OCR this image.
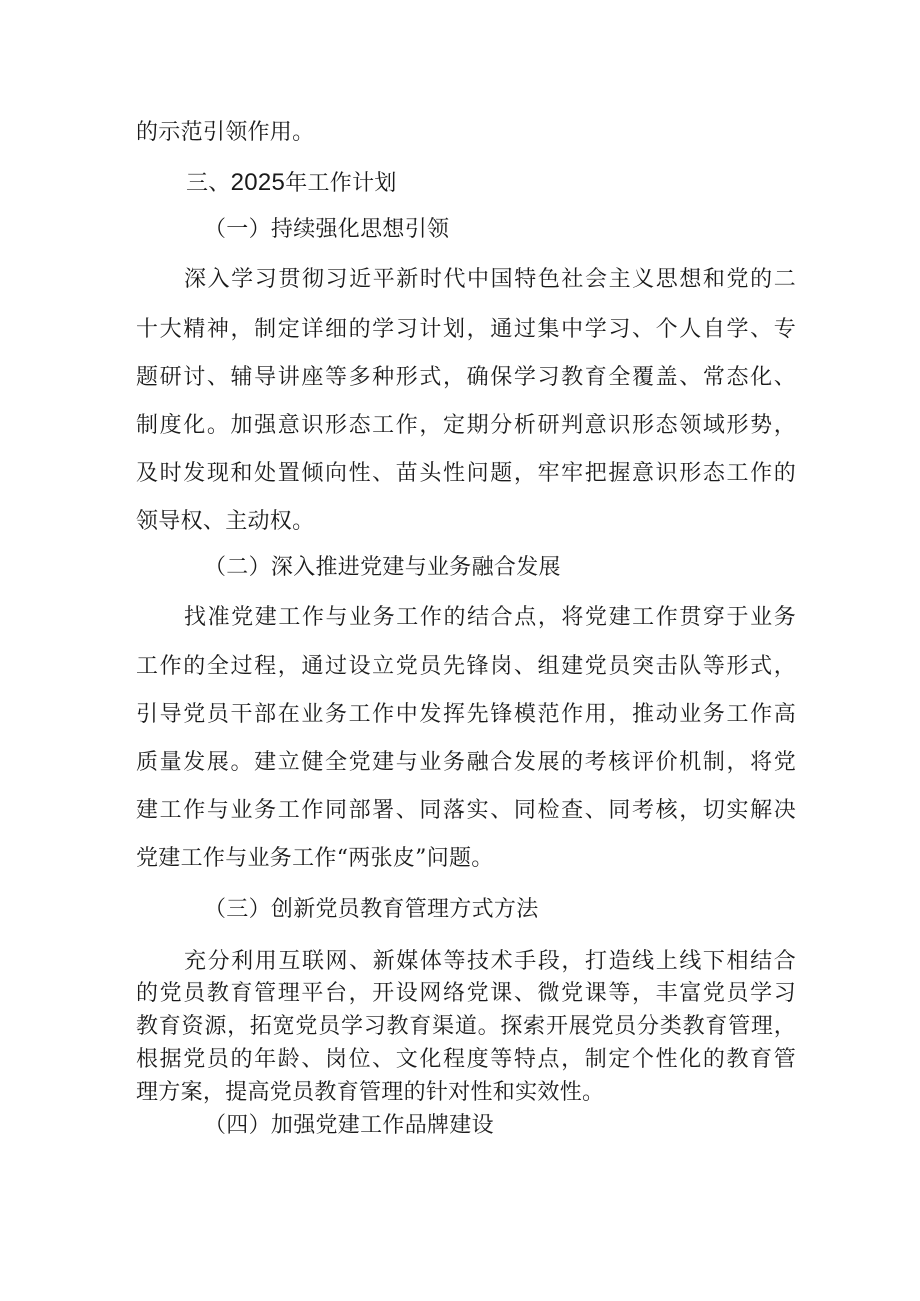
的示范引领作用。
三、2025年工作计划
（一）持续强化思想引领
深入学习贯彻习近平新时代中国特色社会主义思想和党的二
十大精神，制定详细的学习计划，通过集中学习、个人自学、专
题研讨、辅导讲座等多种形式，确保学习教育全覆盖、常态化、
制度化。加强意识形态工作，定期分析研判意识形态领域形势，
及时发现和处置倾向性、苗头性问题，牢牢把握意识形态工作的
领导权、主动权。
（二）深入推进党建与业务融合发展
找准党建工作与业务工作的结合点，将党建工作贯穿于业务
工作的全过程，通过设立党员先锋岗、组建党员突击队等形式，
引导党员干部在业务工作中发挥先锋模范作用，推动业务工作高
质量发展。建立健全党建与业务融合发展的考核评价机制，将党
建工作与业务工作同部署、同落实、同检查、同考核，切实解决
党建工作与业务工作“两张皮”问题。
（三）创新党员教育管理方式方法
充分利用互联网、新媒体等技术手段，打造线上线下相结合
的党员教育管理平台，开设网络党课、微党课等，丰富党员学习
教育资源，拓宽党员学习教育渠道。探索开展党员分类教育管理，
根据党员的年龄、岗位、文化程度等特点，制定个性化的教育管
理方案，提高党员教育管理的针对性和实效性。
（四）加强党建工作品牌建设
